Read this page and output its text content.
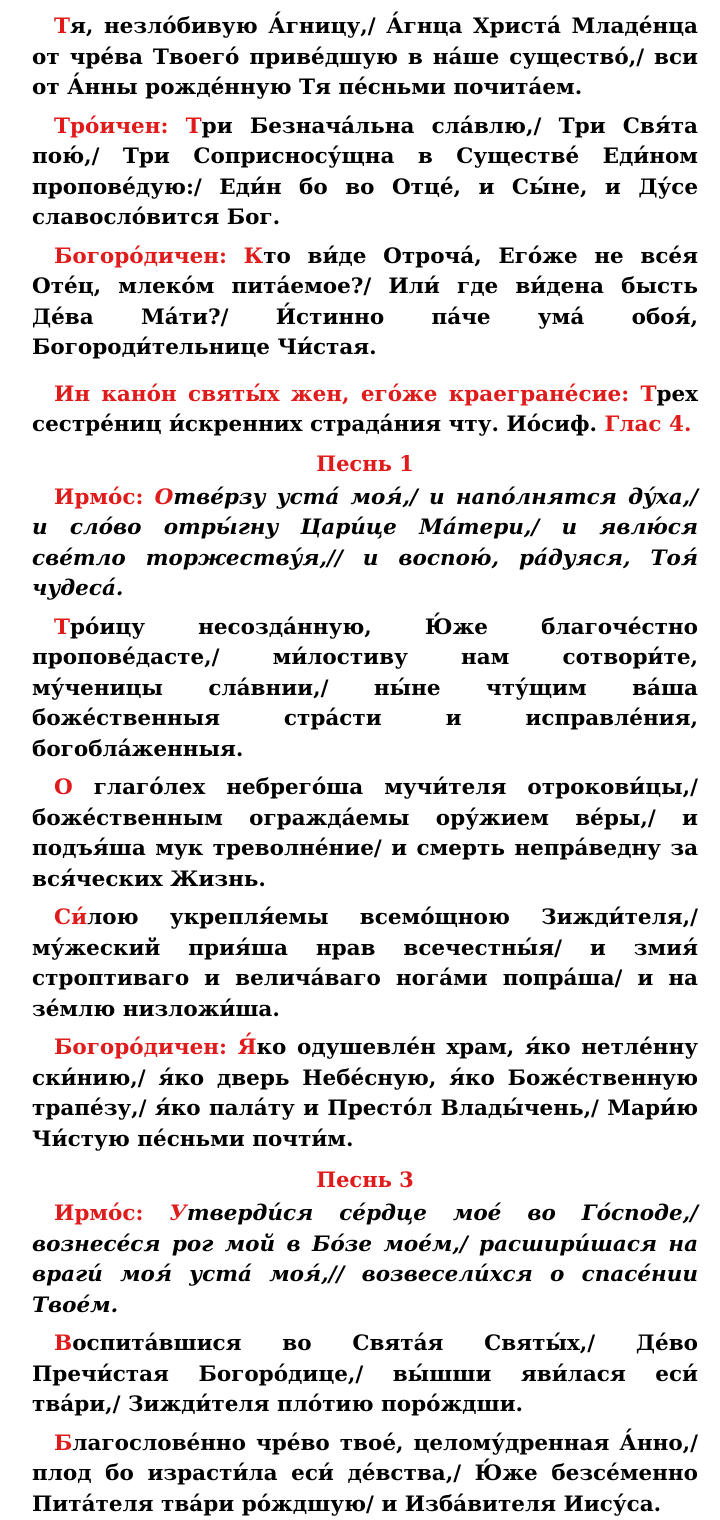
Тя, незло́бивую А́гницу,/ А́гнца Христа́ Младе́нца от чре́ва Твоего́ приве́дшую в на́ше существо́,/ вси от А́нны рожде́нную Тя пе́сньми почита́ем.

Тро́ичен: Три Безнача́льна сла́влю,/ Три Свя́та пою́,/ Три Соприсносу́щна в Существе́ Еди́ном пропове́дую:/ Еди́н бо во Отце́, и Сы́не, и Ду́се славосло́вится Бог.

Богоро́дичен: Кто ви́де Отроча́, Его́же не все́я Оте́ц, млеко́м пита́емое?/ Или́ где ви́дена бысть Де́ва Ма́ти?/ И́стинно па́че ума́ обоя́, Богороди́тельнице Чи́стая.

Ин кано́н святы́х жен, его́же краегране́сие: Трех сестре́ниц и́скренних страда́ния чту. Ио́сиф. Глас 4.

Песнь 1

Ирмо́с: Отве́рзу уста́ моя́,/ и напо́лнятся ду́ха,/ и сло́во отры́гну Цари́це Ма́тери,/ и явлю́ся све́тло торжеству́я,// и воспою́, ра́дуяся, Тоя́ чудеса́.

Тро́ицу несозда́нную, Ю́же благоче́стно пропове́дасте,/ ми́лостиву нам сотвори́те, му́ченицы сла́внии,/ ны́не чту́щим ва́ша боже́ственныя стра́сти и исправле́ния, богобла́женныя.

О глаго́лех небрего́ша мучи́теля отрокови́цы,/ боже́ственным огражда́емы ору́жием ве́ры,/ и подъя́ша мук треволне́ние/ и смерть непра́ведну за вся́ческих Жизнь.

Си́лою укрепля́емы всемо́щною Зижди́теля,/ му́жеский прия́ша нрав всечестны́я/ и змия́ строптиваго и велича́ваго нога́ми попра́ша/ и на зе́млю низложи́ша.

Богоро́дичен: Я́ко одушевле́н храм, я́ко нетле́нну ски́нию,/ я́ко дверь Небе́сную, я́ко Боже́ственную трапе́зу,/ я́ко пала́ту и Престо́л Влады́чень,/ Мари́ю Чи́стую пе́сньми почти́м.

Песнь 3

Ирмо́с: Утверди́ся се́рдце мое́ во Го́споде,/ вознесе́ся рог мой в Бо́зе мое́м,/ расшири́шася на враги́ моя́ уста́ моя́,// возвесели́хся о спасе́нии Твое́м.

Воспита́вшися во Свята́я Святы́х,/ Де́во Пречи́стая Богоро́дице,/ вы́шши яви́лася еси́ тва́ри,/ Зижди́теля пло́тию поро́ждши.

Благослове́нно чре́во твое́, целому́дренная А́нно,/ плод бо израсти́ла еси́ де́вства,/ Ю́же безсе́менно Пита́теля тва́ри ро́ждшую/ и Изба́вителя Иису́са.
